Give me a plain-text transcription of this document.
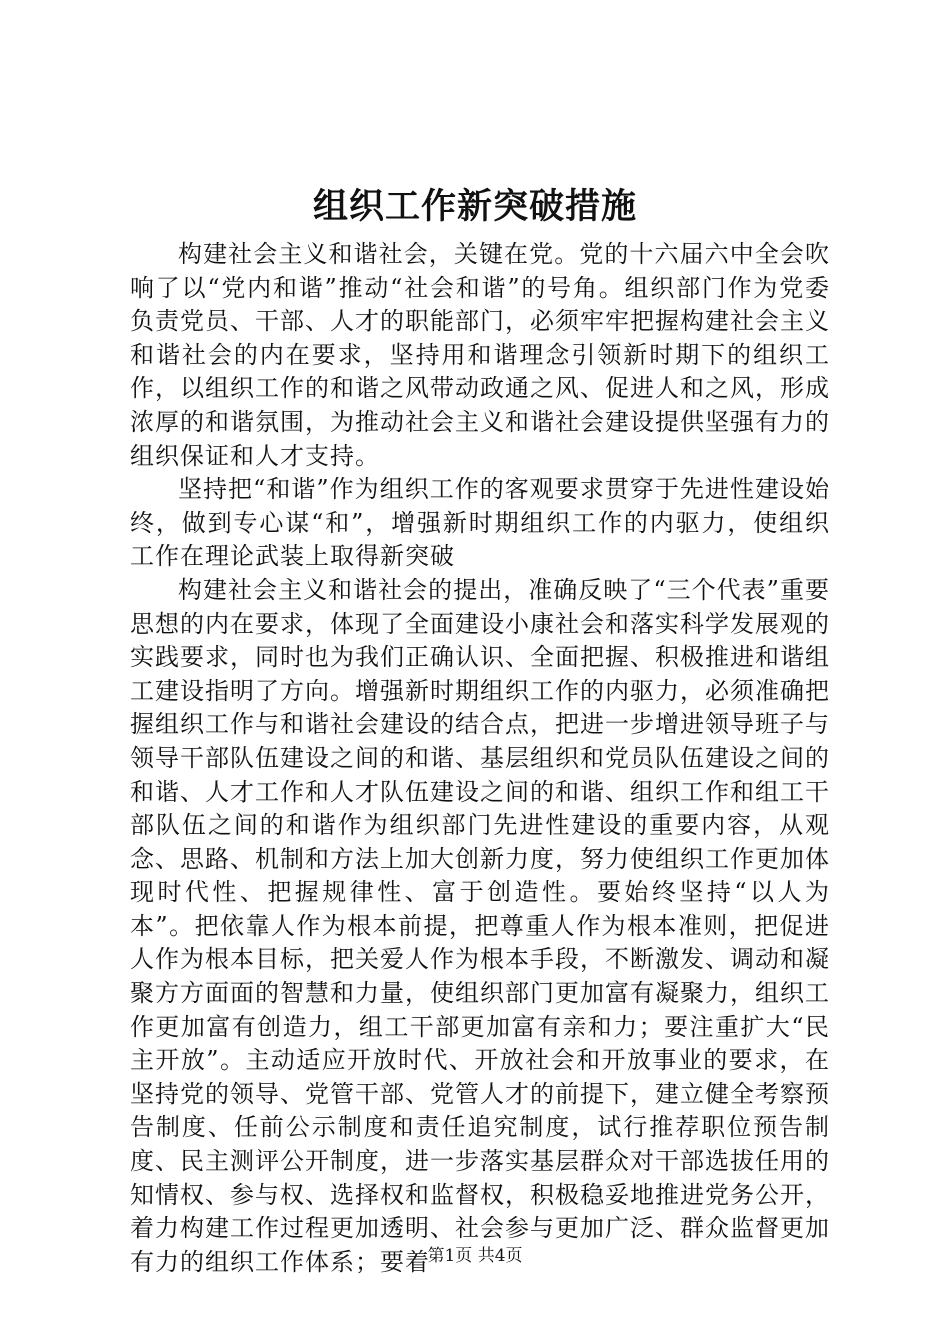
组织工作新突破措施

构建社会主义和谐社会，关键在党。党的十六届六中全会吹响了以“党内和谐”推动“社会和谐”的号角。组织部门作为党委负责党员、干部、人才的职能部门，必须牢牢把握构建社会主义和谐社会的内在要求，坚持用和谐理念引领新时期下的组织工作，以组织工作的和谐之风带动政通之风、促进人和之风，形成浓厚的和谐氛围，为推动社会主义和谐社会建设提供坚强有力的组织保证和人才支持。

坚持把“和谐”作为组织工作的客观要求贯穿于先进性建设始终，做到专心谋“和”，增强新时期组织工作的内驱力，使组织工作在理论武装上取得新突破

构建社会主义和谐社会的提出，准确反映了“三个代表”重要思想的内在要求，体现了全面建设小康社会和落实科学发展观的实践要求，同时也为我们正确认识、全面把握、积极推进和谐组工建设指明了方向。增强新时期组织工作的内驱力，必须准确把握组织工作与和谐社会建设的结合点，把进一步增进领导班子与领导干部队伍建设之间的和谐、基层组织和党员队伍建设之间的和谐、人才工作和人才队伍建设之间的和谐、组织工作和组工干部队伍之间的和谐作为组织部门先进性建设的重要内容，从观念、思路、机制和方法上加大创新力度，努力使组织工作更加体现时代性、把握规律性、富于创造性。要始终坚持“以人为本”。把依靠人作为根本前提，把尊重人作为根本准则，把促进人作为根本目标，把关爱人作为根本手段，不断激发、调动和凝聚方方面面的智慧和力量，使组织部门更加富有凝聚力，组织工作更加富有创造力，组工干部更加富有亲和力；要注重扩大“民主开放”。主动适应开放时代、开放社会和开放事业的要求，在坚持党的领导、党管干部、党管人才的前提下，建立健全考察预告制度、任前公示制度和责任追究制度，试行推荐职位预告制度、民主测评公开制度，进一步落实基层群众对干部选拔任用的知情权、参与权、选择权和监督权，积极稳妥地推进党务公开，着力构建工作过程更加透明、社会参与更加广泛、群众监督更加有力的组织工作体系；要着

第1页 共4页
